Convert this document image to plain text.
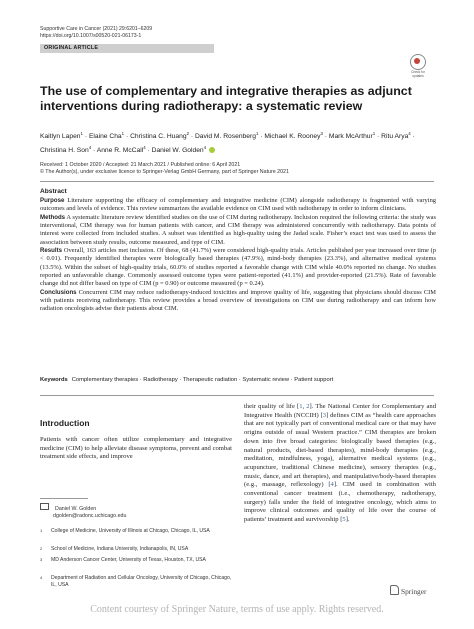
Supportive Care in Cancer (2021) 29:6201–6209
https://doi.org/10.1007/s00520-021-06173-1
ORIGINAL ARTICLE
Check for
updates
The use of complementary and integrative therapies as adjunct interventions during radiotherapy: a systematic review
Kaitlyn Lapen$^1$ · Elaine Cha$^1$ · Christina C. Huang$^2$ · David M. Rosenberg$^1$ · Michael K. Rooney$^3$ · Mark McArthur$^1$ · Ritu Arya$^4$ · Christina H. Son$^4$ · Anne R. McCall$^4$ · Daniel W. Golden$^4$
Received: 1 October 2020 / Accepted: 21 March 2021 / Published online: 6 April 2021
© The Author(s), under exclusive licence to Springer-Verlag GmbH Germany, part of Springer Nature 2021
Abstract

Purpose Literature supporting the efficacy of complementary and integrative medicine (CIM) alongside radiotherapy is fragmented with varying outcomes and levels of evidence. This review summarizes the available evidence on CIM used with radiotherapy in order to inform clinicians.

Methods A systematic literature review identified studies on the use of CIM during radiotherapy. Inclusion required the following criteria: the study was interventional, CIM therapy was for human patients with cancer, and CIM therapy was administered concurrently with radiotherapy. Data points of interest were collected from included studies. A subset was identified as high-quality using the Jadad scale. Fisher’s exact test was used to assess the association between study results, outcome measured, and type of CIM.

Results Overall, 163 articles met inclusion. Of these, 68 (41.7%) were considered high-quality trials. Articles published per year increased over time (p < 0.01). Frequently identified therapies were biologically based therapies (47.9%), mind-body therapies (23.3%), and alternative medical systems (13.5%). Within the subset of high-quality trials, 60.0% of studies reported a favorable change with CIM while 40.0% reported no change. No studies reported an unfavorable change. Commonly assessed outcome types were patient-reported (41.1%) and provider-reported (21.5%). Rate of favorable change did not differ based on type of CIM (p = 0.90) or outcome measured (p = 0.24).

Conclusions Concurrent CIM may reduce radiotherapy-induced toxicities and improve quality of life, suggesting that physicians should discuss CIM with patients receiving radiotherapy. This review provides a broad overview of investigations on CIM use during radiotherapy and can inform how radiation oncologists advise their patients about CIM.

Keywords Complementary therapies · Radiotherapy · Therapeutic radiation · Systematic review · Patient support
Introduction
Patients with cancer often utilize complementary and integrative medicine (CIM) to help alleviate disease symptoms, prevent and combat treatment side effects, and improve
their quality of life [1, 2]. The National Center for Complementary and Integrative Health (NCCIH) [3] defines CIM as “health care approaches that are not typically part of conventional medical care or that may have origins outside of usual Western practice.” CIM therapies are broken down into five broad categories: biologically based therapies (e.g., natural products, diet-based therapies), mind-body therapies (e.g., meditation, mindfulness, yoga), alternative medical systems (e.g., acupuncture, traditional Chinese medicine), sensory therapies (e.g., music, dance, and art therapies), and manipulative/body-based therapies (e.g., massage, reflexology) [4]. CIM used in combination with conventional cancer treatment (i.e., chemotherapy, radiotherapy, surgery) falls under the field of integrative oncology, which aims to improve clinical outcomes and quality of life over the course of patients’ treatment and survivorship [5].
Daniel W. Golden
dgolden@radonc.uchicago.edu
1	College of Medicine, University of Illinois at Chicago, Chicago, IL, USA
2	School of Medicine, Indiana University, Indianapolis, IN, USA
3	MD Anderson Cancer Center, University of Texas, Houston, TX, USA
4	Department of Radiation and Cellular Oncology, University of Chicago, Chicago, IL, USA
Springer
Content courtesy of Springer Nature, terms of use apply. Rights reserved.
